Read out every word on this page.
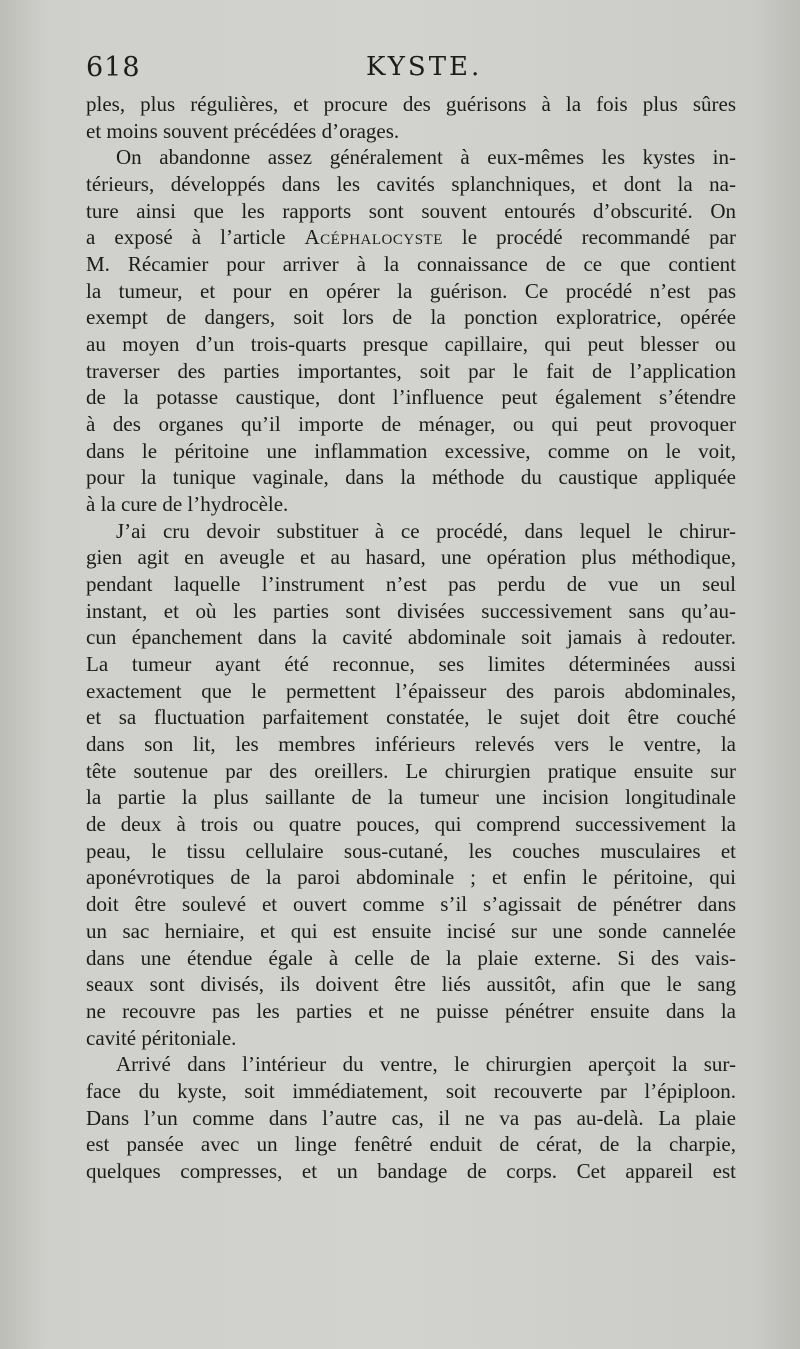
618	KYSTE.
ples, plus régulières, et procure des guérisons à la fois plus sûres
et moins souvent précédées d’orages.
On abandonne assez généralement à eux-mêmes les kystes in-
térieurs, développés dans les cavités splanchniques, et dont la na-
ture ainsi que les rapports sont souvent entourés d’obscurité. On
a exposé à l’article Acéphalocyste le procédé recommandé par
M. Récamier pour arriver à la connaissance de ce que contient
la tumeur, et pour en opérer la guérison. Ce procédé n’est pas
exempt de dangers, soit lors de la ponction exploratrice, opérée
au moyen d’un trois-quarts presque capillaire, qui peut blesser ou
traverser des parties importantes, soit par le fait de l’application
de la potasse caustique, dont l’influence peut également s’étendre
à des organes qu’il importe de ménager, ou qui peut provoquer
dans le péritoine une inflammation excessive, comme on le voit,
pour la tunique vaginale, dans la méthode du caustique appliquée
à la cure de l’hydrocèle.
J’ai cru devoir substituer à ce procédé, dans lequel le chirur-
gien agit en aveugle et au hasard, une opération plus méthodique,
pendant laquelle l’instrument n’est pas perdu de vue un seul
instant, et où les parties sont divisées successivement sans qu’au-
cun épanchement dans la cavité abdominale soit jamais à redouter.
La tumeur ayant été reconnue, ses limites déterminées aussi
exactement que le permettent l’épaisseur des parois abdominales,
et sa fluctuation parfaitement constatée, le sujet doit être couché
dans son lit, les membres inférieurs relevés vers le ventre, la
tête soutenue par des oreillers. Le chirurgien pratique ensuite sur
la partie la plus saillante de la tumeur une incision longitudinale
de deux à trois ou quatre pouces, qui comprend successivement la
peau, le tissu cellulaire sous-cutané, les couches musculaires et
aponévrotiques de la paroi abdominale ; et enfin le péritoine, qui
doit être soulevé et ouvert comme s’il s’agissait de pénétrer dans
un sac herniaire, et qui est ensuite incisé sur une sonde cannelée
dans une étendue égale à celle de la plaie externe. Si des vais-
seaux sont divisés, ils doivent être liés aussitôt, afin que le sang
ne recouvre pas les parties et ne puisse pénétrer ensuite dans la
cavité péritoniale.
Arrivé dans l’intérieur du ventre, le chirurgien aperçoit la sur-
face du kyste, soit immédiatement, soit recouverte par l’épiploon.
Dans l’un comme dans l’autre cas, il ne va pas au-delà. La plaie
est pansée avec un linge fenêtré enduit de cérat, de la charpie,
quelques compresses, et un bandage de corps. Cet appareil est
